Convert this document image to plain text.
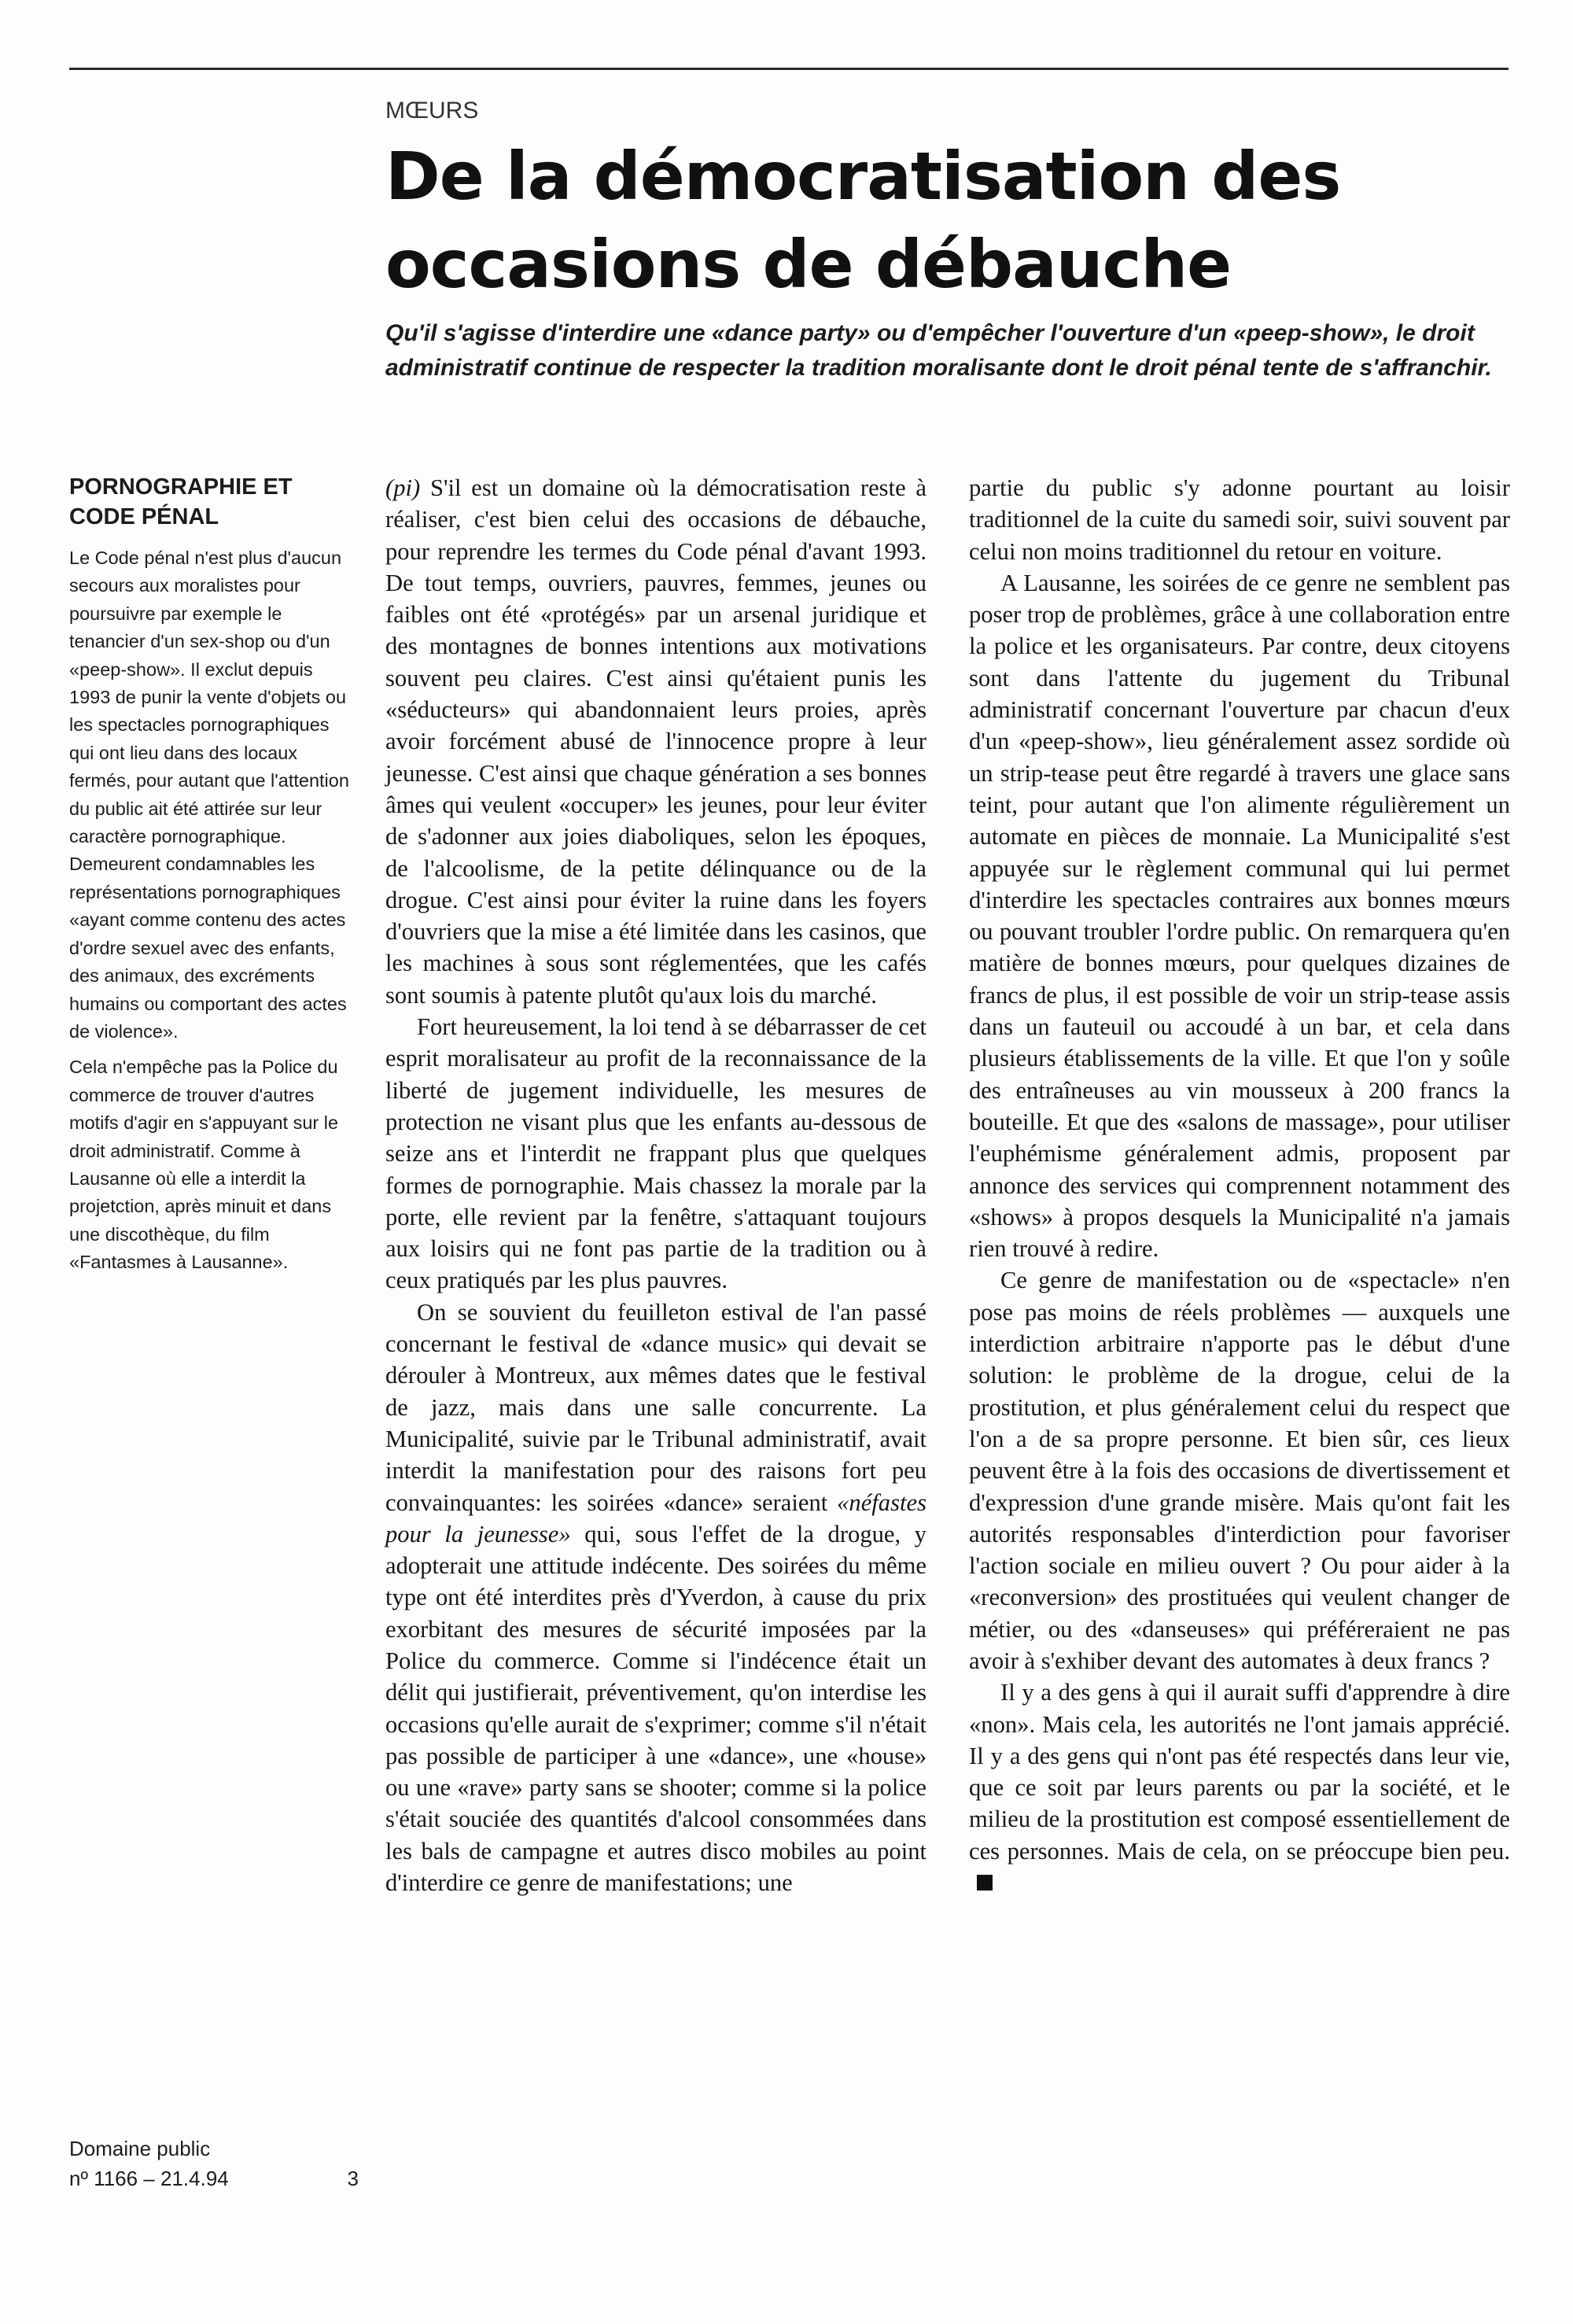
MŒURS
De la démocratisation des occasions de débauche

Qu'il s'agisse d'interdire une «dance party» ou d'empêcher l'ouverture d'un «peep-show», le droit administratif continue de respecter la tradition moralisante dont le droit pénal tente de s'affranchir.

PORNOGRAPHIE ET CODE PÉNAL

Le Code pénal n'est plus d'aucun secours aux moralistes pour poursuivre par exemple le tenancier d'un sex-shop ou d'un «peep-show». Il exclut depuis 1993 de punir la vente d'objets ou les spectacles pornographiques qui ont lieu dans des locaux fermés, pour autant que l'attention du public ait été attirée sur leur caractère pornographique. Demeurent condamnables les représentations pornographiques «ayant comme contenu des actes d'ordre sexuel avec des enfants, des animaux, des excréments humains ou comportant des actes de violence».

Cela n'empêche pas la Police du commerce de trouver d'autres motifs d'agir en s'appuyant sur le droit administratif. Comme à Lausanne où elle a interdit la projetction, après minuit et dans une discothèque, du film «Fantasmes à Lausanne».

Domaine public
nº 1166 – 21.4.94	3

(pi) S'il est un domaine où la démocratisation reste à réaliser, c'est bien celui des occasions de débauche, pour reprendre les termes du Code pénal d'avant 1993. De tout temps, ouvriers, pauvres, femmes, jeunes ou faibles ont été «protégés» par un arsenal juridique et des montagnes de bonnes intentions aux motivations souvent peu claires. C'est ainsi qu'étaient punis les «séducteurs» qui abandonnaient leurs proies, après avoir forcément abusé de l'innocence propre à leur jeunesse. C'est ainsi que chaque génération a ses bonnes âmes qui veulent «occuper» les jeunes, pour leur éviter de s'adonner aux joies diaboliques, selon les époques, de l'alcoolisme, de la petite délinquance ou de la drogue. C'est ainsi pour éviter la ruine dans les foyers d'ouvriers que la mise a été limitée dans les casinos, que les machines à sous sont réglementées, que les cafés sont soumis à patente plutôt qu'aux lois du marché.

Fort heureusement, la loi tend à se débarrasser de cet esprit moralisateur au profit de la reconnaissance de la liberté de jugement individuelle, les mesures de protection ne visant plus que les enfants au-dessous de seize ans et l'interdit ne frappant plus que quelques formes de pornographie. Mais chassez la morale par la porte, elle revient par la fenêtre, s'attaquant toujours aux loisirs qui ne font pas partie de la tradition ou à ceux pratiqués par les plus pauvres.

On se souvient du feuilleton estival de l'an passé concernant le festival de «dance music» qui devait se dérouler à Montreux, aux mêmes dates que le festival de jazz, mais dans une salle concurrente. La Municipalité, suivie par le Tribunal administratif, avait interdit la manifestation pour des raisons fort peu convainquantes: les soirées «dance» seraient «néfastes pour la jeunesse» qui, sous l'effet de la drogue, y adopterait une attitude indécente. Des soirées du même type ont été interdites près d'Yverdon, à cause du prix exorbitant des mesures de sécurité imposées par la Police du commerce. Comme si l'indécence était un délit qui justifierait, préventivement, qu'on interdise les occasions qu'elle aurait de s'exprimer; comme s'il n'était pas possible de participer à une «dance», une «house» ou une «rave» party sans se shooter; comme si la police s'était souciée des quantités d'alcool consommées dans les bals de campagne et autres disco mobiles au point d'interdire ce genre de manifestations; une

partie du public s'y adonne pourtant au loisir traditionnel de la cuite du samedi soir, suivi souvent par celui non moins traditionnel du retour en voiture.

A Lausanne, les soirées de ce genre ne semblent pas poser trop de problèmes, grâce à une collaboration entre la police et les organisateurs. Par contre, deux citoyens sont dans l'attente du jugement du Tribunal administratif concernant l'ouverture par chacun d'eux d'un «peep-show», lieu généralement assez sordide où un strip-tease peut être regardé à travers une glace sans teint, pour autant que l'on alimente régulièrement un automate en pièces de monnaie. La Municipalité s'est appuyée sur le règlement communal qui lui permet d'interdire les spectacles contraires aux bonnes mœurs ou pouvant troubler l'ordre public. On remarquera qu'en matière de bonnes mœurs, pour quelques dizaines de francs de plus, il est possible de voir un strip-tease assis dans un fauteuil ou accoudé à un bar, et cela dans plusieurs établissements de la ville. Et que l'on y soûle des entraîneuses au vin mousseux à 200 francs la bouteille. Et que des «salons de massage», pour utiliser l'euphémisme généralement admis, proposent par annonce des services qui comprennent notamment des «shows» à propos desquels la Municipalité n'a jamais rien trouvé à redire.

Ce genre de manifestation ou de «spectacle» n'en pose pas moins de réels problèmes — auxquels une interdiction arbitraire n'apporte pas le début d'une solution: le problème de la drogue, celui de la prostitution, et plus généralement celui du respect que l'on a de sa propre personne. Et bien sûr, ces lieux peuvent être à la fois des occasions de divertissement et d'expression d'une grande misère. Mais qu'ont fait les autorités responsables d'interdiction pour favoriser l'action sociale en milieu ouvert ? Ou pour aider à la «reconversion» des prostituées qui veulent changer de métier, ou des «danseuses» qui préféreraient ne pas avoir à s'exhiber devant des automates à deux francs ?

Il y a des gens à qui il aurait suffi d'apprendre à dire «non». Mais cela, les autorités ne l'ont jamais apprécié. Il y a des gens qui n'ont pas été respectés dans leur vie, que ce soit par leurs parents ou par la société, et le milieu de la prostitution est composé essentiellement de ces personnes. Mais de cela, on se préoccupe bien peu.
